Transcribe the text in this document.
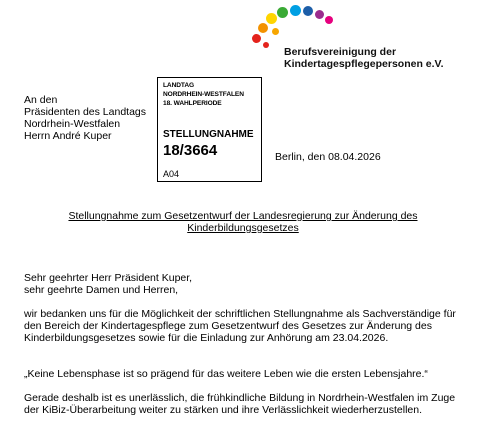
Berufsvereinigung der
Kindertagespflegepersonen e.V.
An den
Präsidenten des Landtags
Nordrhein-Westfalen
Herrn André Kuper
LANDTAG
NORDRHEIN-WESTFALEN
18. WAHLPERIODE
STELLUNGNAHME
18/3664
A04
Berlin, den 08.04.2026
Stellungnahme zum Gesetzentwurf der Landesregierung zur Änderung des Kinderbildungsgesetzes
Sehr geehrter Herr Präsident Kuper,
sehr geehrte Damen und Herren,

wir bedanken uns für die Möglichkeit der schriftlichen Stellungnahme als Sachverständige für den Bereich der Kindertagespflege zum Gesetzentwurf des Gesetzes zur Änderung des Kinderbildungsgesetzes sowie für die Einladung zur Anhörung am 23.04.2026.

„Keine Lebensphase ist so prägend für das weitere Leben wie die ersten Lebensjahre.“

Gerade deshalb ist es unerlässlich, die frühkindliche Bildung in Nordrhein-Westfalen im Zuge der KiBiz-Überarbeitung weiter zu stärken und ihre Verlässlichkeit wiederherzustellen.
